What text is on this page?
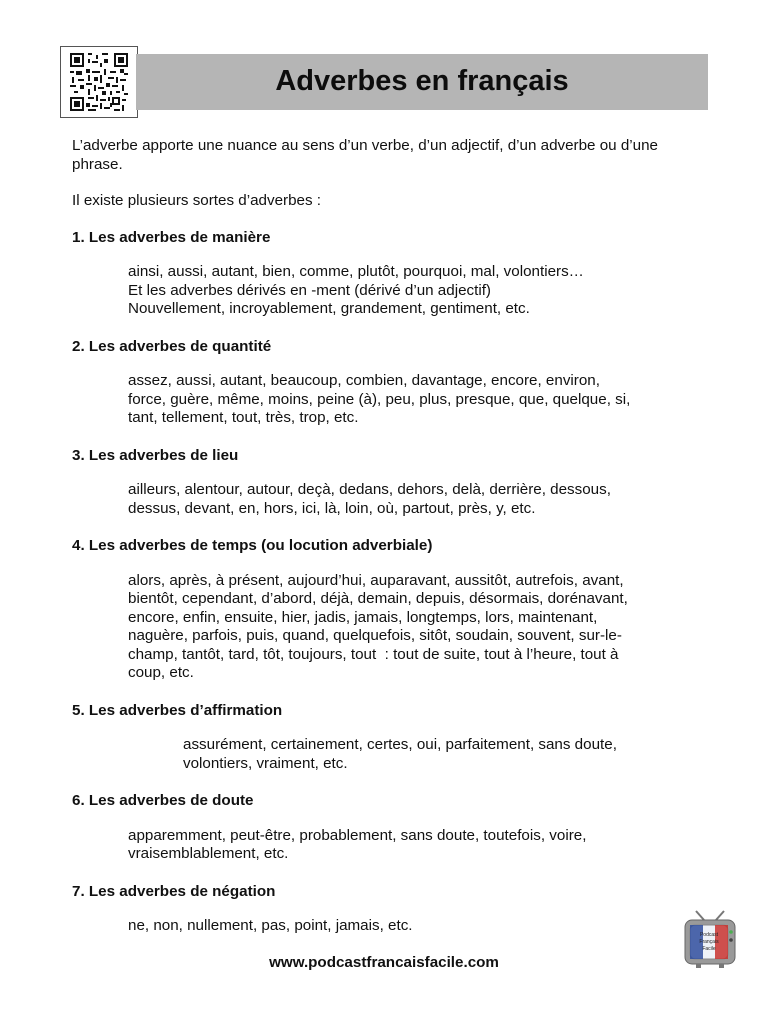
Adverbes en français

L’adverbe apporte une nuance au sens d’un verbe, d’un adjectif, d’un adverbe ou d’une phrase.

Il existe plusieurs sortes d’adverbes :

1. Les adverbes de manière

ainsi, aussi, autant, bien, comme, plutôt, pourquoi, mal, volontiers…
Et les adverbes dérivés en -ment (dérivé d’un adjectif)
Nouvellement, incroyablement, grandement, gentiment, etc.

2. Les adverbes de quantité

assez, aussi, autant, beaucoup, combien, davantage, encore, environ,
force, guère, même, moins, peine (à), peu, plus, presque, que, quelque, si,
tant, tellement, tout, très, trop, etc.

3. Les adverbes de lieu

ailleurs, alentour, autour, deçà, dedans, dehors, delà, derrière, dessous,
dessus, devant, en, hors, ici, là, loin, où, partout, près, y, etc.

4. Les adverbes de temps (ou locution adverbiale)

alors, après, à présent, aujourd’hui, auparavant, aussitôt, autrefois, avant,
bientôt, cependant, d’abord, déjà, demain, depuis, désormais, dorénavant,
encore, enfin, ensuite, hier, jadis, jamais, longtemps, lors, maintenant,
naguère, parfois, puis, quand, quelquefois, sitôt, soudain, souvent, sur-le-
champ, tantôt, tard, tôt, toujours, tout  : tout de suite, tout à l’heure, tout à
coup, etc.

5. Les adverbes d’affirmation

assurément, certainement, certes, oui, parfaitement, sans doute,
volontiers, vraiment, etc.

6. Les adverbes de doute

apparemment, peut-être, probablement, sans doute, toutefois, voire,
vraisemblablement, etc.

7. Les adverbes de négation

ne, non, nullement, pas, point, jamais, etc.
www.podcastfrancaisfacile.com
Podcast
Français
Facile
